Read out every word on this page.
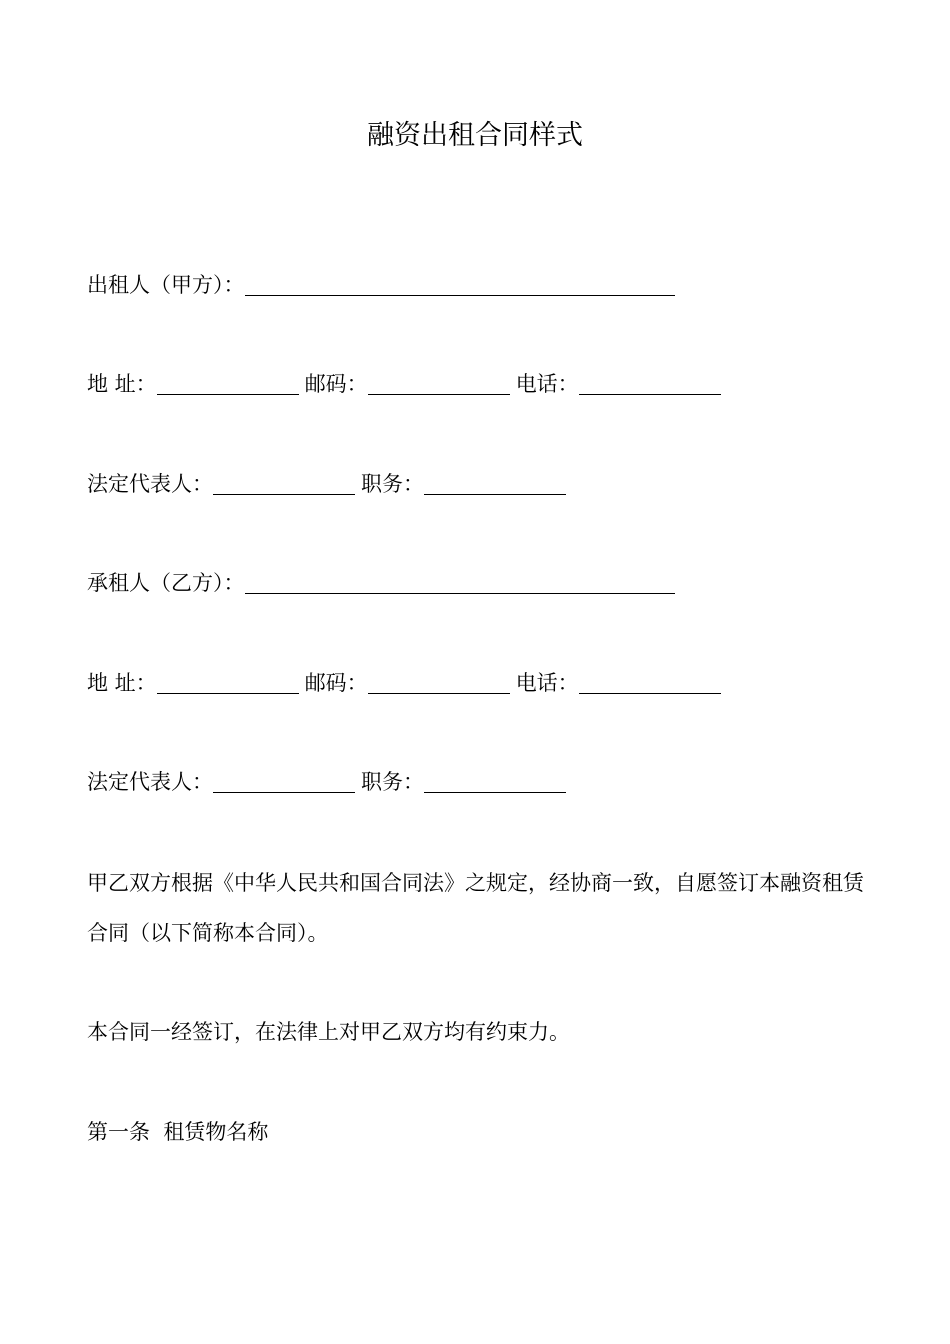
融资出租合同样式
出租人（甲方）：
地 址：	邮码：	电话：
法定代表人：	职务：
承租人（乙方）：
地 址：	邮码：	电话：
法定代表人：	职务：

甲乙双方根据《中华人民共和国合同法》之规定，经协商一致，自愿签订本融资租赁合同（以下简称本合同）。

本合同一经签订，在法律上对甲乙双方均有约束力。

第一条  租赁物名称
